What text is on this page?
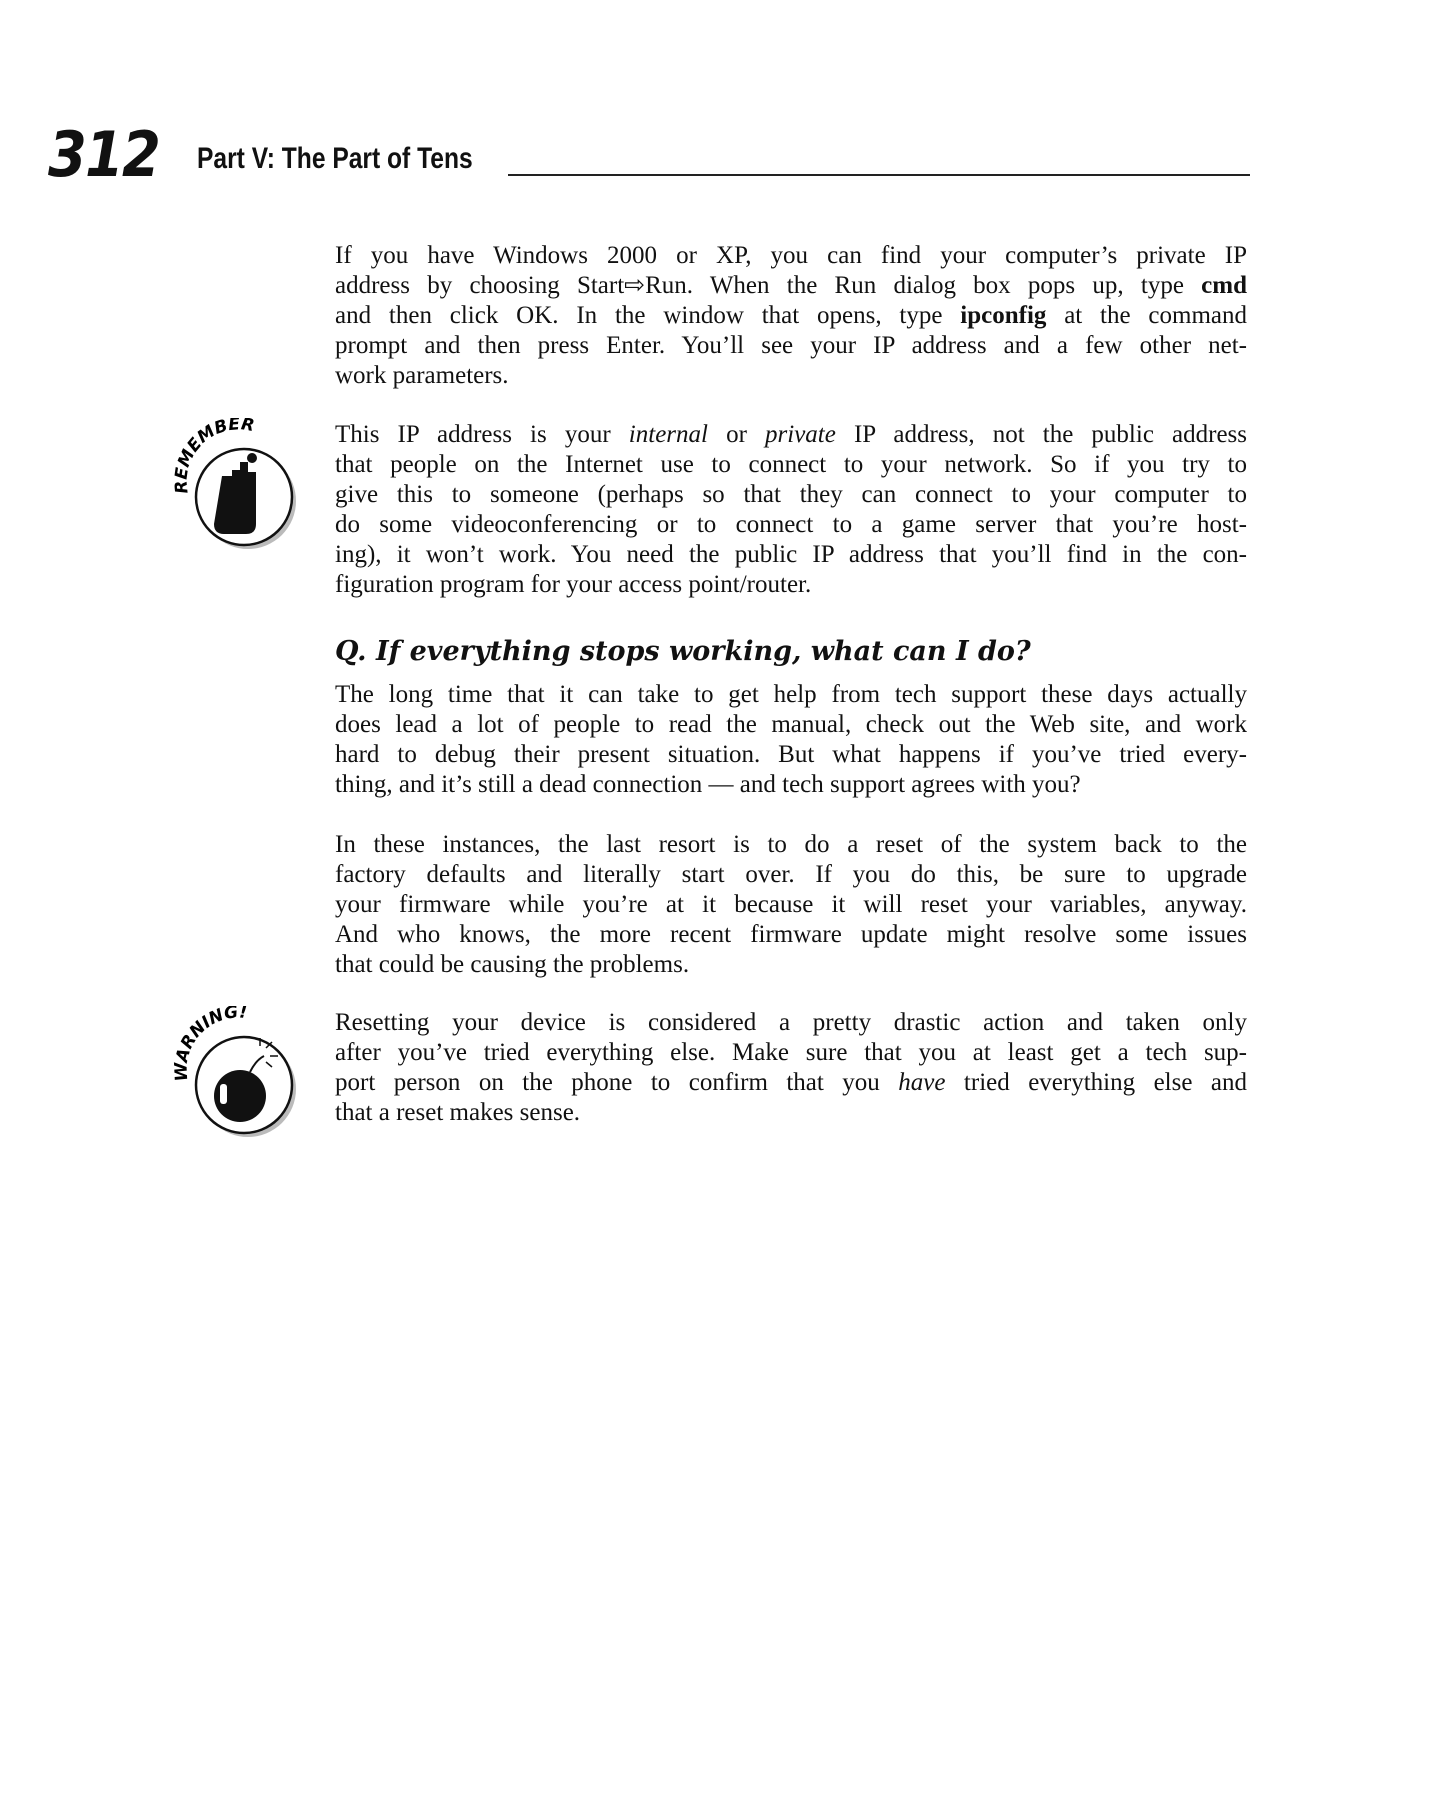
312 Part V: The Part of Tens
If you have Windows 2000 or XP, you can find your computer’s private IP
address by choosing Start⇨Run. When the Run dialog box pops up, type cmd
and then click OK. In the window that opens, type ipconfig at the command
prompt and then press Enter. You’ll see your IP address and a few other net-
work parameters.
REMEMBER	This IP address is your internal or private IP address, not the public address
that people on the Internet use to connect to your network. So if you try to
give this to someone (perhaps so that they can connect to your computer to
do some videoconferencing or to connect to a game server that you’re host-
ing), it won’t work. You need the public IP address that you’ll find in the con-
figuration program for your access point/router.
Q. If everything stops working, what can I do?
The long time that it can take to get help from tech support these days actually
does lead a lot of people to read the manual, check out the Web site, and work
hard to debug their present situation. But what happens if you’ve tried every-
thing, and it’s still a dead connection — and tech support agrees with you?
In these instances, the last resort is to do a reset of the system back to the
factory defaults and literally start over. If you do this, be sure to upgrade
your firmware while you’re at it because it will reset your variables, anyway.
And who knows, the more recent firmware update might resolve some issues
that could be causing the problems.
WARNING!	Resetting your device is considered a pretty drastic action and taken only
after you’ve tried everything else. Make sure that you at least get a tech sup-
port person on the phone to confirm that you have tried everything else and
that a reset makes sense.
